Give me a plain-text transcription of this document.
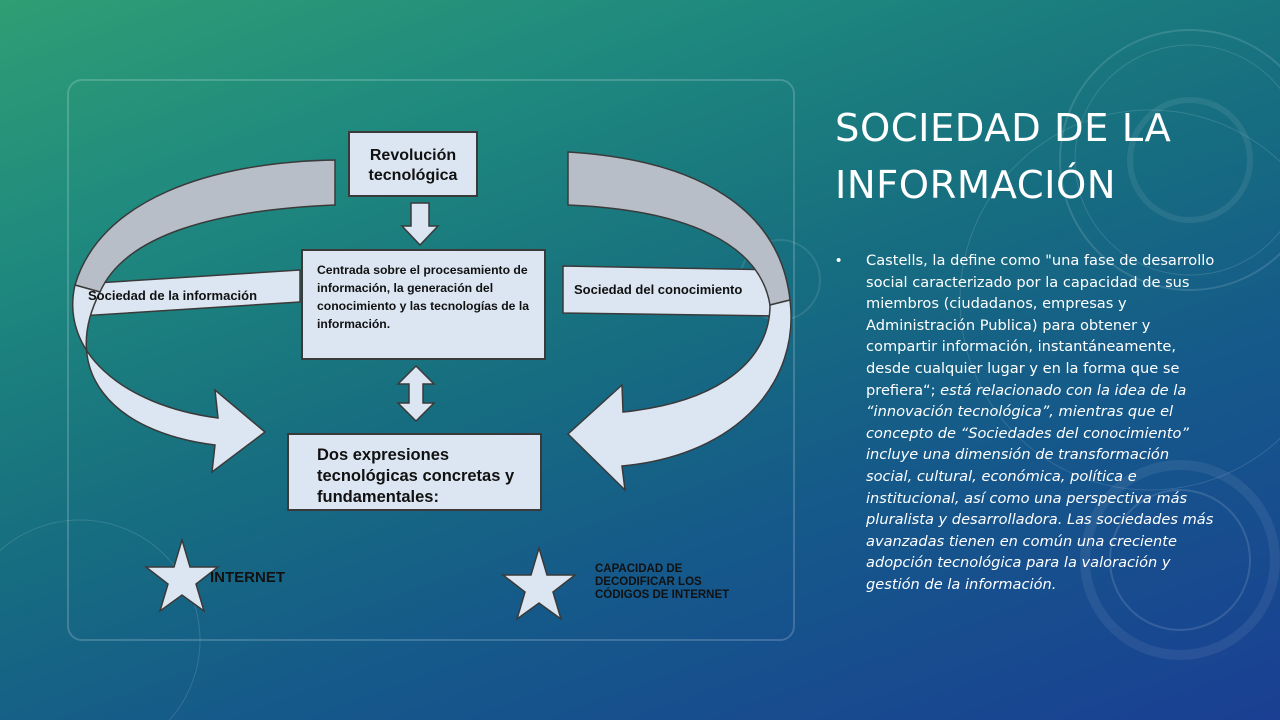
Revolución
tecnológica
Centrada sobre el procesamiento de información, la generación del conocimiento y las tecnologías de la información.
Dos expresiones tecnológicas concretas y fundamentales:
Sociedad de la información	Sociedad del conocimiento
INTERNET	CAPACIDAD DE DECODIFICAR LOS CÓDIGOS DE INTERNET
SOCIEDAD DE LA INFORMACIÓN
• Castells, la define como "una fase de desarrollo social caracterizado por la capacidad de sus miembros (ciudadanos, empresas y Administración Publica) para obtener y compartir información, instantáneamente, desde cualquier lugar y en la forma que se prefiera“; está relacionado con la idea de la “innovación tecnológica”, mientras que el concepto de “Sociedades del conocimiento” incluye una dimensión de transformación social, cultural, económica, política e institucional, así como una perspectiva más pluralista y desarrolladora. Las sociedades más avanzadas tienen en común una creciente adopción tecnológica para la valoración y gestión de la información.
